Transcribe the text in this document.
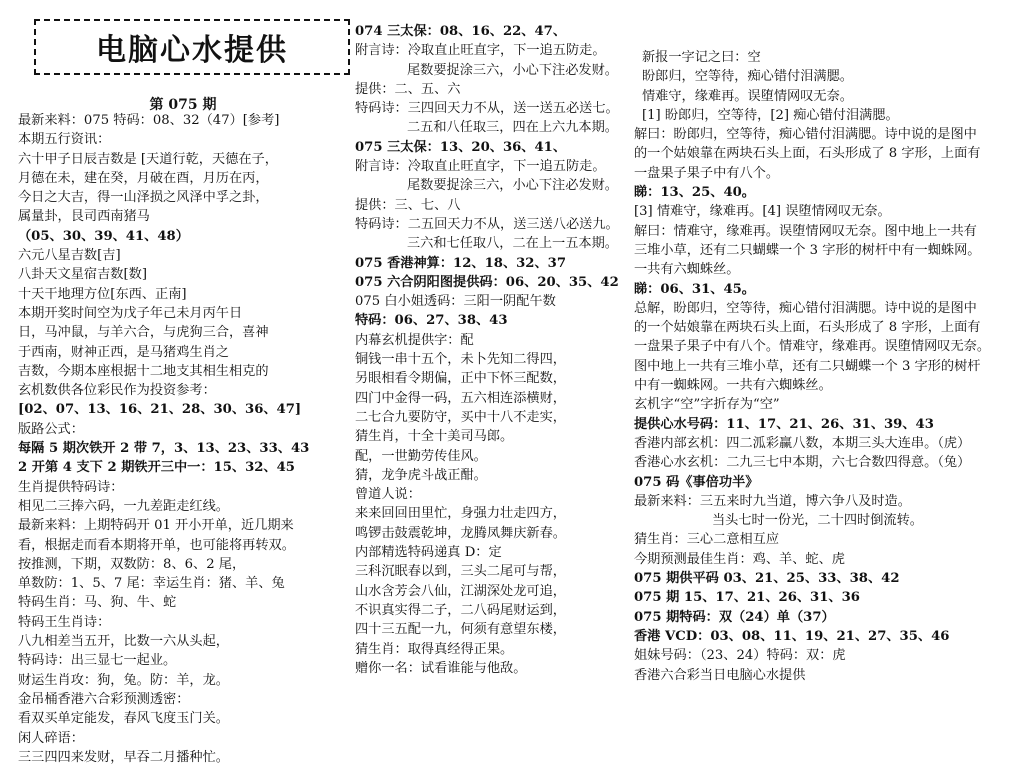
电脑心水提供
第 075 期
最新来料：075 特码：08、32（47）[参考]
本期五行资讯：
六十甲子日辰吉数是 [天道行乾，天德在子，
月德在未，建在癸，月破在酉，月历在丙，
今日之大吉，得一山泽损之风泽中孚之卦，
属量卦，艮司西南猪马
（05、30、39、41、48）
六元八星吉数[吉]
八卦天文星宿吉数[数]
十天干地理方位[东西、正南]
本期开奖时间空为戊子年己未月丙午日
日，马冲鼠，与羊六合，与虎狗三合，喜神
于西南，财神正西，是马猪鸡生肖之
吉数，今期本座根据十二地支其相生相克的
玄机数供各位彩民作为投资参考：
[02、07、13、16、21、28、30、36、47]
版路公式：
每隔 5 期次铁开 2 带 7，3、13、23、33、43
2 开第 4 支下 2 期铁开三中一：15、32、45
生肖提供特码诗：
相见二三捧六码，一九差距走红线。
最新来料：上期特码开 01 开小开单，近几期来
看，根据走而看本期将开单，也可能将再转双。
按推测，下期，双数防：8、6、2 尾，
单数防：1、5、7 尾：幸运生肖：猪、羊、兔
特码生肖：马、狗、牛、蛇
特码王生肖诗：
八九相差当五开，比数一六从头起，
特码诗：出三显七一起业。
财运生肖攻：狗，兔。防：羊，龙。
金吊桶香港六合彩预测透密：
看双买单定能发，春风飞度玉门关。
闲人碎语：
三三四四来发财，早吞二月播种忙。
074 三太保：08、16、22、47、
附言诗：冷取直止旺直字，下一追五防走。
尾数要捉涂三六，小心下注必发财。
提供：二、五、六
特码诗：三四回天力不从，送一送五必送七。
二五和八任取三，四在上六九本期。
075 三太保：13、20、36、41、
附言诗：冷取直止旺直字，下一追五防走。
尾数要捉涂三六，小心下注必发财。
提供：三、七、八
特码诗：二五回天力不从，送三送八必送九。
三六和七任取八，二在上一五本期。
075 香港神算：12、18、32、37
075 六合阴阳图提供码：06、20、35、42
075 白小姐透码：三阳一阴配午数
特码：06、27、38、43
内幕玄机提供字：配
铜钱一串十五个，未卜先知二得四，
另眼相看令期偏，正中下怀三配数，
四门中金得一码，五六相连添横财，
二七合九要防守，买中十八不走实，
猜生肖，十全十美司马郎。
配，一世勤劳传佳风。
猜，龙争虎斗战正酣。
曾道人说：
来来回回田里忙，身强力壮走四方，
鸣锣击鼓震乾坤，龙腾凤舞庆新春。
内部精选特码递真 D：定
三科沉眠春以到，三头二尾可与帮，
山水含芳会八仙，江湖深处龙可追，
不识真实得二子，二八码尾财运到，
四十三五配一九，何须有意望东楼，
猜生肖：取得真经得正果。
赠你一名：试看谁能与他敌。
新报一字记之曰：空
盼郎归，空等待，痴心错付泪满腮。
情难守，缘难再。误堕情网叹无奈。
[1] 盼郎归，空等待，[2] 痴心错付泪满腮。
解曰：盼郎归，空等待，痴心错付泪满腮。诗中说的是图中
的一个姑娘靠在两块石头上面，石头形成了 8 字形，上面有
一盘果子果子中有八个。
睇：13、25、40。
[3] 情难守，缘难再。[4] 误堕情网叹无奈。
解曰：情难守，缘难再。误堕情网叹无奈。图中地上一共有
三堆小草，还有二只蝴蝶一个 3 字形的树杆中有一蜘蛛网。
一共有六蜘蛛丝。
睇：06、31、45。
总解，盼郎归，空等待，痴心错付泪满腮。诗中说的是图中
的一个姑娘靠在两块石头上面，石头形成了 8 字形，上面有
一盘果子果子中有八个。情难守，缘难再。误堕情网叹无奈。
图中地上一共有三堆小草，还有二只蝴蝶一个 3 字形的树杆
中有一蜘蛛网。一共有六蜘蛛丝。
玄机字“空”字折存为“空”
提供心水号码：11、17、21、26、31、39、43
香港内部玄机：四二泒彩赢八数，本期三头大连串。（虎）
香港心水玄机：二九三七中本期，六七合数四得意。（兔）
075 码《事倍功半》
最新来料：三五来时九当道，博六争八及时造。
当头七时一份光，二十四时倒流转。
猜生肖：三心二意相互应
今期预测最佳生肖：鸡、羊、蛇、虎
075 期供平码 03、21、25、33、38、42
075 期 15、17、21、26、31、36
075 期特码：双（24）单（37）
香港 VCD：03、08、11、19、21、27、35、46
姐妹号码：（23、24）特码：双：虎
香港六合彩当日电脑心水提供
